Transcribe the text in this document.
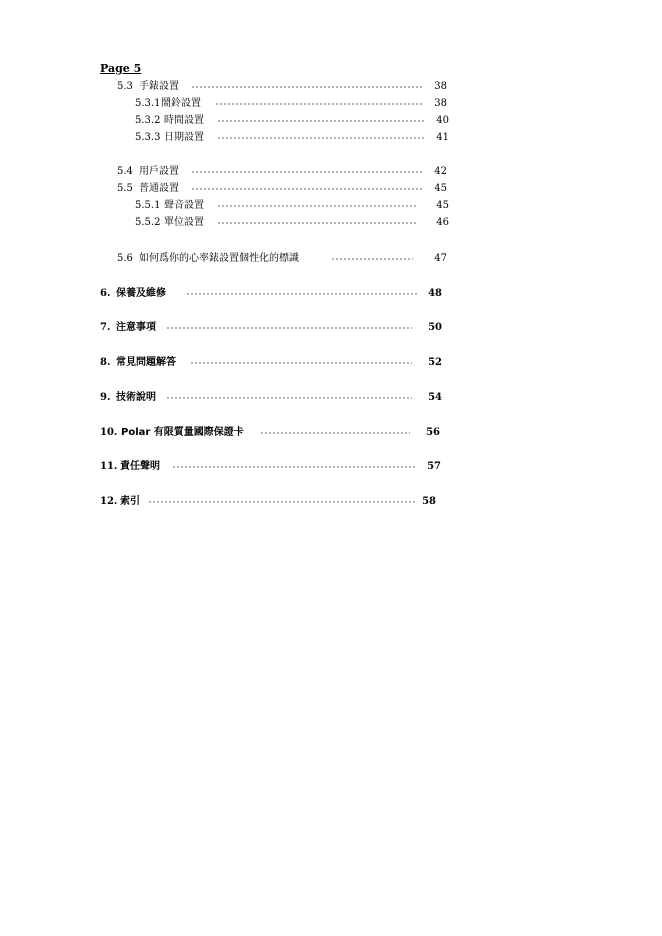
Page 5
5.3 手錶設置	38
5.3.1 鬧鈴設置	38
5.3.2 時間設置	40
5.3.3 日期設置	41
5.4 用戶設置	42
5.5 普通設置	45
5.5.1 聲音設置	45
5.5.2 單位設置	46
5.6 如何爲你的心率錶設置個性化的標識	47
6. 保養及維修	48
7. 注意事項	50
8. 常見問題解答	52
9. 技術說明	54
10. Polar 有限質量國際保證卡	56
11. 責任聲明	57
12. 索引	58
